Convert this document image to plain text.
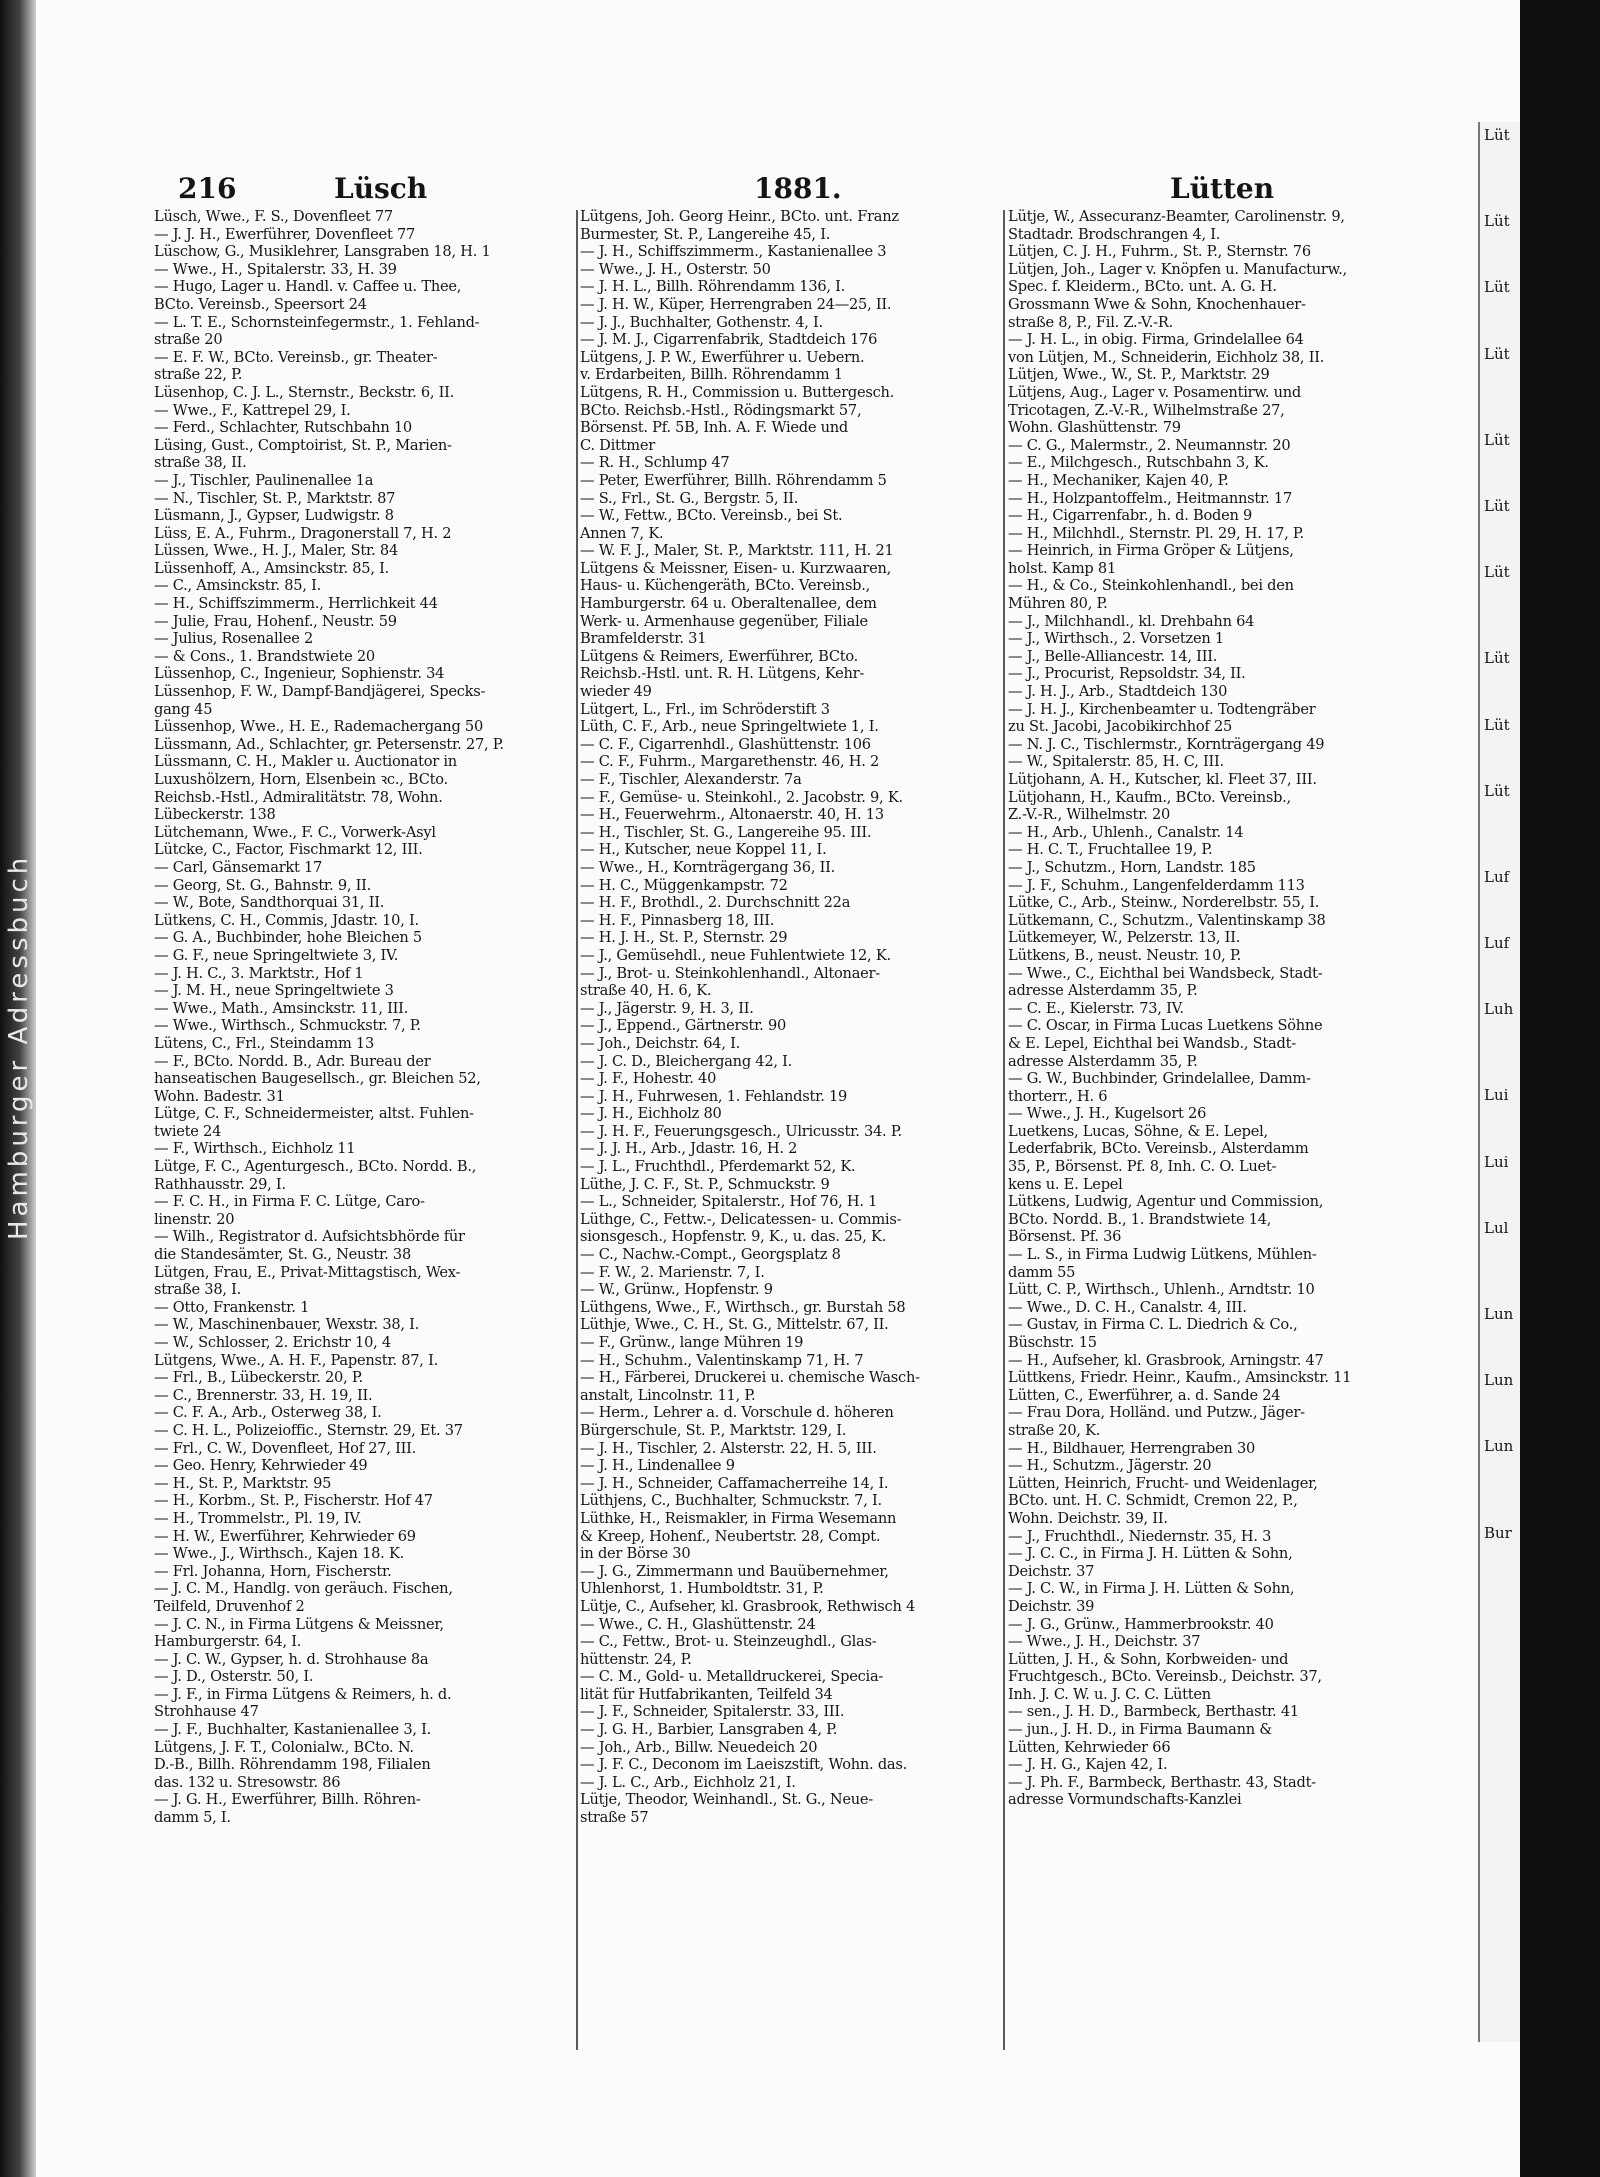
Hamburger Adressbuch
216	Lüsch	1881.	Lütten
Lüsch, Wwe., F. S., Dovenfleet 77
— J. J. H., Ewerführer, Dovenfleet 77
Lüschow, G., Musiklehrer, Lansgraben 18, H. 1
— Wwe., H., Spitalerstr. 33, H. 39
— Hugo, Lager u. Handl. v. Caffee u. Thee,
BCto. Vereinsb., Speersort 24
— L. T. E., Schornsteinfegermstr., 1. Fehland-
straße 20
— E. F. W., BCto. Vereinsb., gr. Theater-
straße 22, P.
Lüsenhop, C. J. L., Sternstr., Beckstr. 6, II.
— Wwe., F., Kattrepel 29, I.
— Ferd., Schlachter, Rutschbahn 10
Lüsing, Gust., Comptoirist, St. P., Marien-
straße 38, II.
— J., Tischler, Paulinenallee 1a
— N., Tischler, St. P., Marktstr. 87
Lüsmann, J., Gypser, Ludwigstr. 8
Lüss, E. A., Fuhrm., Dragonerstall 7, H. 2
Lüssen, Wwe., H. J., Maler, Str. 84
Lüssenhoff, A., Amsinckstr. 85, I.
— C., Amsinckstr. 85, I.
— H., Schiffszimmerm., Herrlichkeit 44
— Julie, Frau, Hohenf., Neustr. 59
— Julius, Rosenallee 2
— & Cons., 1. Brandstwiete 20
Lüssenhop, C., Ingenieur, Sophienstr. 34
Lüssenhop, F. W., Dampf-Bandjägerei, Specks-
gang 45
Lüssenhop, Wwe., H. E., Rademachergang 50
Lüssmann, Ad., Schlachter, gr. Petersenstr. 27, P.
Lüssmann, C. H., Makler u. Auctionator in
Luxushölzern, Horn, Elsenbein ꝛc., BCto.
Reichsb.-Hstl., Admiralitätstr. 78, Wohn.
Lübeckerstr. 138
Lütchemann, Wwe., F. C., Vorwerk-Asyl
Lütcke, C., Factor, Fischmarkt 12, III.
— Carl, Gänsemarkt 17
— Georg, St. G., Bahnstr. 9, II.
— W., Bote, Sandthorquai 31, II.
Lütkens, C. H., Commis, Jdastr. 10, I.
— G. A., Buchbinder, hohe Bleichen 5
— G. F., neue Springeltwiete 3, IV.
— J. H. C., 3. Marktstr., Hof 1
— J. M. H., neue Springeltwiete 3
— Wwe., Math., Amsinckstr. 11, III.
— Wwe., Wirthsch., Schmuckstr. 7, P.
Lütens, C., Frl., Steindamm 13
— F., BCto. Nordd. B., Adr. Bureau der
hanseatischen Baugesellsch., gr. Bleichen 52,
Wohn. Badestr. 31
Lütge, C. F., Schneidermeister, altst. Fuhlen-
twiete 24
— F., Wirthsch., Eichholz 11
Lütge, F. C., Agenturgesch., BCto. Nordd. B.,
Rathhausstr. 29, I.
— F. C. H., in Firma F. C. Lütge, Caro-
linenstr. 20
— Wilh., Registrator d. Aufsichtsbhörde für
die Standesämter, St. G., Neustr. 38
Lütgen, Frau, E., Privat-Mittagstisch, Wex-
straße 38, I.
— Otto, Frankenstr. 1
— W., Maschinenbauer, Wexstr. 38, I.
— W., Schlosser, 2. Erichstr 10, 4
Lütgens, Wwe., A. H. F., Papenstr. 87, I.
— Frl., B., Lübeckerstr. 20, P.
— C., Brennerstr. 33, H. 19, II.
— C. F. A., Arb., Osterweg 38, I.
— C. H. L., Polizeioffic., Sternstr. 29, Et. 37
— Frl., C. W., Dovenfleet, Hof 27, III.
— Geo. Henry, Kehrwieder 49
— H., St. P., Marktstr. 95
— H., Korbm., St. P., Fischerstr. Hof 47
— H., Trommelstr., Pl. 19, IV.
— H. W., Ewerführer, Kehrwieder 69
— Wwe., J., Wirthsch., Kajen 18. K.
— Frl. Johanna, Horn, Fischerstr.
— J. C. M., Handlg. von geräuch. Fischen,
Teilfeld, Druvenhof 2
— J. C. N., in Firma Lütgens & Meissner,
Hamburgerstr. 64, I.
— J. C. W., Gypser, h. d. Strohhause 8a
— J. D., Osterstr. 50, I.
— J. F., in Firma Lütgens & Reimers, h. d.
Strohhause 47
— J. F., Buchhalter, Kastanienallee 3, I.
Lütgens, J. F. T., Colonialw., BCto. N.
D.-B., Billh. Röhrendamm 198, Filialen
das. 132 u. Stresowstr. 86
— J. G. H., Ewerführer, Billh. Röhren-
damm 5, I.
Lütgens, Joh. Georg Heinr., BCto. unt. Franz
Burmester, St. P., Langereihe 45, I.
— J. H., Schiffszimmerm., Kastanienallee 3
— Wwe., J. H., Osterstr. 50
— J. H. L., Billh. Röhrendamm 136, I.
— J. H. W., Küper, Herrengraben 24—25, II.
— J. J., Buchhalter, Gothenstr. 4, I.
— J. M. J., Cigarrenfabrik, Stadtdeich 176
Lütgens, J. P. W., Ewerführer u. Uebern.
v. Erdarbeiten, Billh. Röhrendamm 1
Lütgens, R. H., Commission u. Buttergesch.
BCto. Reichsb.-Hstl., Rödingsmarkt 57,
Börsenst. Pf. 5B, Inh. A. F. Wiede und
C. Dittmer
— R. H., Schlump 47
— Peter, Ewerführer, Billh. Röhrendamm 5
— S., Frl., St. G., Bergstr. 5, II.
— W., Fettw., BCto. Vereinsb., bei St.
Annen 7, K.
— W. F. J., Maler, St. P., Marktstr. 111, H. 21
Lütgens & Meissner, Eisen- u. Kurzwaaren,
Haus- u. Küchengeräth, BCto. Vereinsb.,
Hamburgerstr. 64 u. Oberaltenallee, dem
Werk- u. Armenhause gegenüber, Filiale
Bramfelderstr. 31
Lütgens & Reimers, Ewerführer, BCto.
Reichsb.-Hstl. unt. R. H. Lütgens, Kehr-
wieder 49
Lütgert, L., Frl., im Schröderstift 3
Lüth, C. F., Arb., neue Springeltwiete 1, I.
— C. F., Cigarrenhdl., Glashüttenstr. 106
— C. F., Fuhrm., Margarethenstr. 46, H. 2
— F., Tischler, Alexanderstr. 7a
— F., Gemüse- u. Steinkohl., 2. Jacobstr. 9, K.
— H., Feuerwehrm., Altonaerstr. 40, H. 13
— H., Tischler, St. G., Langereihe 95. III.
— H., Kutscher, neue Koppel 11, I.
— Wwe., H., Kornträgergang 36, II.
— H. C., Müggenkampstr. 72
— H. F., Brothdl., 2. Durchschnitt 22a
— H. F., Pinnasberg 18, III.
— H. J. H., St. P., Sternstr. 29
— J., Gemüsehdl., neue Fuhlentwiete 12, K.
— J., Brot- u. Steinkohlenhandl., Altonaer-
straße 40, H. 6, K.
— J., Jägerstr. 9, H. 3, II.
— J., Eppend., Gärtnerstr. 90
— Joh., Deichstr. 64, I.
— J. C. D., Bleichergang 42, I.
— J. F., Hohestr. 40
— J. H., Fuhrwesen, 1. Fehlandstr. 19
— J. H., Eichholz 80
— J. H. F., Feuerungsgesch., Ulricusstr. 34. P.
— J. J. H., Arb., Jdastr. 16, H. 2
— J. L., Fruchthdl., Pferdemarkt 52, K.
Lüthe, J. C. F., St. P., Schmuckstr. 9
— L., Schneider, Spitalerstr., Hof 76, H. 1
Lüthge, C., Fettw.-, Delicatessen- u. Commis-
sionsgesch., Hopfenstr. 9, K., u. das. 25, K.
— C., Nachw.-Compt., Georgsplatz 8
— F. W., 2. Marienstr. 7, I.
— W., Grünw., Hopfenstr. 9
Lüthgens, Wwe., F., Wirthsch., gr. Burstah 58
Lüthje, Wwe., C. H., St. G., Mittelstr. 67, II.
— F., Grünw., lange Mühren 19
— H., Schuhm., Valentinskamp 71, H. 7
— H., Färberei, Druckerei u. chemische Wasch-
anstalt, Lincolnstr. 11, P.
— Herm., Lehrer a. d. Vorschule d. höheren
Bürgerschule, St. P., Marktstr. 129, I.
— J. H., Tischler, 2. Alsterstr. 22, H. 5, III.
— J. H., Lindenallee 9
— J. H., Schneider, Caffamacherreihe 14, I.
Lüthjens, C., Buchhalter, Schmuckstr. 7, I.
Lüthke, H., Reismakler, in Firma Wesemann
& Kreep, Hohenf., Neubertstr. 28, Compt.
in der Börse 30
— J. G., Zimmermann und Bauübernehmer,
Uhlenhorst, 1. Humboldtstr. 31, P.
Lütje, C., Aufseher, kl. Grasbrook, Rethwisch 4
— Wwe., C. H., Glashüttenstr. 24
— C., Fettw., Brot- u. Steinzeughdl., Glas-
hüttenstr. 24, P.
— C. M., Gold- u. Metalldruckerei, Specia-
lität für Hutfabrikanten, Teilfeld 34
— J. F., Schneider, Spitalerstr. 33, III.
— J. G. H., Barbier, Lansgraben 4, P.
— Joh., Arb., Billw. Neuedeich 20
— J. F. C., Deconom im Laeiszstift, Wohn. das.
— J. L. C., Arb., Eichholz 21, I.
Lütje, Theodor, Weinhandl., St. G., Neue-
straße 57
Lütje, W., Assecuranz-Beamter, Carolinenstr. 9,
Stadtadr. Brodschrangen 4, I.
Lütjen, C. J. H., Fuhrm., St. P., Sternstr. 76
Lütjen, Joh., Lager v. Knöpfen u. Manufacturw.,
Spec. f. Kleiderm., BCto. unt. A. G. H.
Grossmann Wwe & Sohn, Knochenhauer-
straße 8, P., Fil. Z.-V.-R.
— J. H. L., in obig. Firma, Grindelallee 64
von Lütjen, M., Schneiderin, Eichholz 38, II.
Lütjen, Wwe., W., St. P., Marktstr. 29
Lütjens, Aug., Lager v. Posamentirw. und
Tricotagen, Z.-V.-R., Wilhelmstraße 27,
Wohn. Glashüttenstr. 79
— C. G., Malermstr., 2. Neumannstr. 20
— E., Milchgesch., Rutschbahn 3, K.
— H., Mechaniker, Kajen 40, P.
— H., Holzpantoffelm., Heitmannstr. 17
— H., Cigarrenfabr., h. d. Boden 9
— H., Milchhdl., Sternstr. Pl. 29, H. 17, P.
— Heinrich, in Firma Gröper & Lütjens,
holst. Kamp 81
— H., & Co., Steinkohlenhandl., bei den
Mühren 80, P.
— J., Milchhandl., kl. Drehbahn 64
— J., Wirthsch., 2. Vorsetzen 1
— J., Belle-Alliancestr. 14, III.
— J., Procurist, Repsoldstr. 34, II.
— J. H. J., Arb., Stadtdeich 130
— J. H. J., Kirchenbeamter u. Todtengräber
zu St. Jacobi, Jacobikirchhof 25
— N. J. C., Tischlermstr., Kornträgergang 49
— W., Spitalerstr. 85, H. C, III.
Lütjohann, A. H., Kutscher, kl. Fleet 37, III.
Lütjohann, H., Kaufm., BCto. Vereinsb.,
Z.-V.-R., Wilhelmstr. 20
— H., Arb., Uhlenh., Canalstr. 14
— H. C. T., Fruchtallee 19, P.
— J., Schutzm., Horn, Landstr. 185
— J. F., Schuhm., Langenfelderdamm 113
Lütke, C., Arb., Steinw., Norderelbstr. 55, I.
Lütkemann, C., Schutzm., Valentinskamp 38
Lütkemeyer, W., Pelzerstr. 13, II.
Lütkens, B., neust. Neustr. 10, P.
— Wwe., C., Eichthal bei Wandsbeck, Stadt-
adresse Alsterdamm 35, P.
— C. E., Kielerstr. 73, IV.
— C. Oscar, in Firma Lucas Luetkens Söhne
& E. Lepel, Eichthal bei Wandsb., Stadt-
adresse Alsterdamm 35, P.
— G. W., Buchbinder, Grindelallee, Damm-
thorterr., H. 6
— Wwe., J. H., Kugelsort 26
Luetkens, Lucas, Söhne, & E. Lepel,
Lederfabrik, BCto. Vereinsb., Alsterdamm
35, P., Börsenst. Pf. 8, Inh. C. O. Luet-
kens u. E. Lepel
Lütkens, Ludwig, Agentur und Commission,
BCto. Nordd. B., 1. Brandstwiete 14,
Börsenst. Pf. 36
— L. S., in Firma Ludwig Lütkens, Mühlen-
damm 55
Lütt, C. P., Wirthsch., Uhlenh., Arndtstr. 10
— Wwe., D. C. H., Canalstr. 4, III.
— Gustav, in Firma C. L. Diedrich & Co.,
Büschstr. 15
— H., Aufseher, kl. Grasbrook, Arningstr. 47
Lüttkens, Friedr. Heinr., Kaufm., Amsinckstr. 11
Lütten, C., Ewerführer, a. d. Sande 24
— Frau Dora, Holländ. und Putzw., Jäger-
straße 20, K.
— H., Bildhauer, Herrengraben 30
— H., Schutzm., Jägerstr. 20
Lütten, Heinrich, Frucht- und Weidenlager,
BCto. unt. H. C. Schmidt, Cremon 22, P.,
Wohn. Deichstr. 39, II.
— J., Fruchthdl., Niedernstr. 35, H. 3
— J. C. C., in Firma J. H. Lütten & Sohn,
Deichstr. 37
— J. C. W., in Firma J. H. Lütten & Sohn,
Deichstr. 39
— J. G., Grünw., Hammerbrookstr. 40
— Wwe., J. H., Deichstr. 37
Lütten, J. H., & Sohn, Korbweiden- und
Fruchtgesch., BCto. Vereinsb., Deichstr. 37,
Inh. J. C. W. u. J. C. C. Lütten
— sen., J. H. D., Barmbeck, Berthastr. 41
— jun., J. H. D., in Firma Baumann &
Lütten, Kehrwieder 66
— J. H. G., Kajen 42, I.
— J. Ph. F., Barmbeck, Berthastr. 43, Stadt-
adresse Vormundschafts-Kanzlei
Lüt
Lüt
Lüt
Lüt
Lüt
Lüt
Lüt
Lüt
Lüt
Lüt
Luf
Luf
Luh
Lui
Lui
Lul
Lun
Lun
Lun
Bur
